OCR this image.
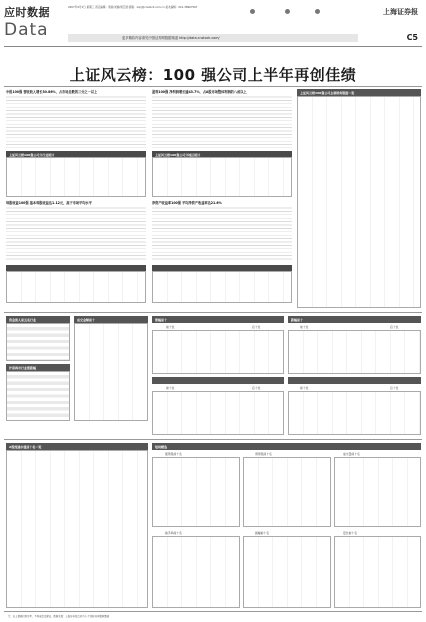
应时数据
Data
2007年9月5日 星期三 责任编辑：周斌/刘楠/周卫国 邮箱：zqcj@cnstock.com.cn 美术编辑：021-38967567	上海证券报
更多精彩内容请见中国证券网数据频道 http://data.cnstock.com/	C5
上证风云榜：100 强公司上半年再创佳绩
中报100强 营收收入增长30.86%，占市场总数的三分之一以上	盈利100强 净利润增长逾43.7%，占A股市场整体利润的八成以上	上证风云榜100强公司主要财务数据一览
上证风云榜100强公司分行业统计	上证风云榜100强公司分地区统计
每股收益100强 基本每股收益达1.12元，高于市场平均水平	净资产收益率100强 平均净资产收益率达21.6%
资金流入前五名行业
沪深两市行业涨跌幅
成交金额前十	涨幅前十
前十位	后十位
跌幅前十
前十位	后十位
前十位	后十位	前十位	后十位
A股流通市值前十名一览	短线精选
强势股前十名	弱势股前十名	成交量前十名
换手率前十名	振幅前十名	量比前十名
注：以上数据仅供参考，不构成投资建议。数据来源：上海证券报资讯中心 中国证券网数据频道
